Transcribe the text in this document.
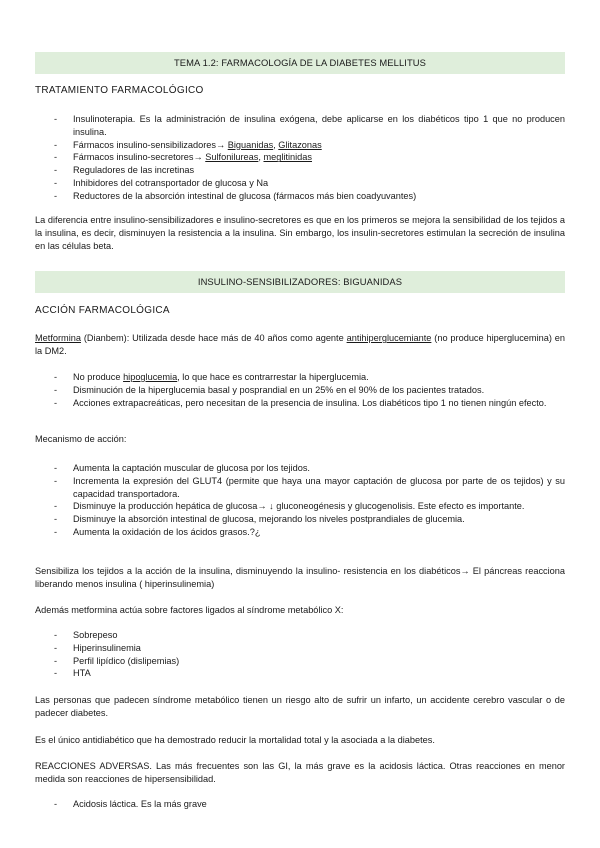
TEMA 1.2: FARMACOLOGÍA DE LA DIABETES MELLITUS
TRATAMIENTO FARMACOLÓGICO
- Insulinoterapia. Es la administración de insulina exógena, debe aplicarse en los diabéticos tipo 1 que no producen insulina.
- Fármacos insulino-sensibilizadores→ Biguanidas, Glitazonas
- Fármacos insulino-secretores→ Sulfonilureas, meglitinidas
- Reguladores de las incretinas
- Inhibidores del cotransportador de glucosa y Na
- Reductores de la absorción intestinal de glucosa (fármacos más bien coadyuvantes)
La diferencia entre insulino-sensibilizadores e insulino-secretores es que en los primeros se mejora la sensibilidad de los tejidos a la insulina, es decir, disminuyen la resistencia a la insulina. Sin embargo, los insulin-secretores estimulan la secreción de insulina en las células beta.
INSULINO-SENSIBILIZADORES: BIGUANIDAS
ACCIÓN FARMACOLÓGICA
Metformina (Dianbem): Utilizada desde hace más de 40 años como agente antihiperglucemiante (no produce hiperglucemina) en la DM2.
- No produce hipoglucemia, lo que hace es contrarrestar la hiperglucemia.
- Disminución de la hiperglucemia basal y posprandial en un 25% en el 90% de los pacientes tratados.
- Acciones extrapacreáticas, pero necesitan de la presencia de insulina. Los diabéticos tipo 1 no tienen ningún efecto.
Mecanismo de acción:
- Aumenta la captación muscular de glucosa por los tejidos.
- Incrementa la expresión del GLUT4 (permite que haya una mayor captación de glucosa por parte de os tejidos) y su capacidad transportadora.
- Disminuye la producción hepática de glucosa→ ↓ gluconeogénesis y glucogenolisis. Este efecto es importante.
- Disminuye la absorción intestinal de glucosa, mejorando los niveles postprandiales de glucemia.
- Aumenta la oxidación de los ácidos grasos.?¿
Sensibiliza los tejidos a la acción de la insulina, disminuyendo la insulino- resistencia en los diabéticos→ El páncreas reacciona liberando menos insulina ( hiperinsulinemia)
Además metformina actúa sobre factores ligados al síndrome metabólico X:
- Sobrepeso
- Hiperinsulinemia
- Perfil lipídico (dislipemias)
- HTA
Las personas que padecen síndrome metabólico tienen un riesgo alto de sufrir un infarto, un accidente cerebro vascular o de padecer diabetes.
Es el único antidiabético que ha demostrado reducir la mortalidad total y la asociada a la diabetes.
REACCIONES ADVERSAS. Las más frecuentes son las GI, la más grave es la acidosis láctica. Otras reacciones en menor medida son reacciones de hipersensibilidad.
- Acidosis láctica. Es la más grave
